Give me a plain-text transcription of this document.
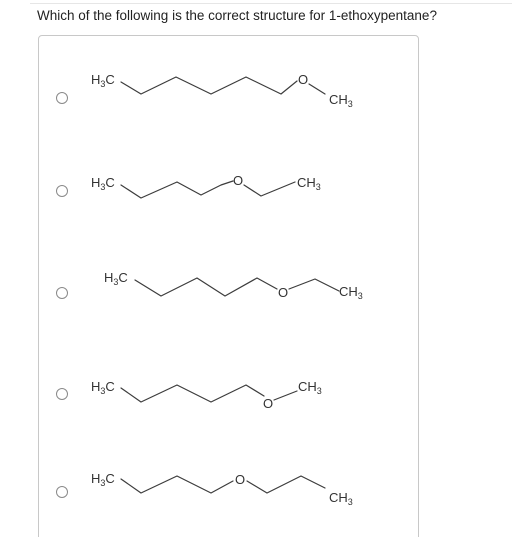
Which of the following is the correct structure for 1-ethoxypentane?
$H_3C$	O
$CH_3$
$H_3C$	O	$CH_3$
$H_3C$
O	$CH_3$
$H_3C$
O
$CH_3$
$H_3C$	O
$CH_3$
